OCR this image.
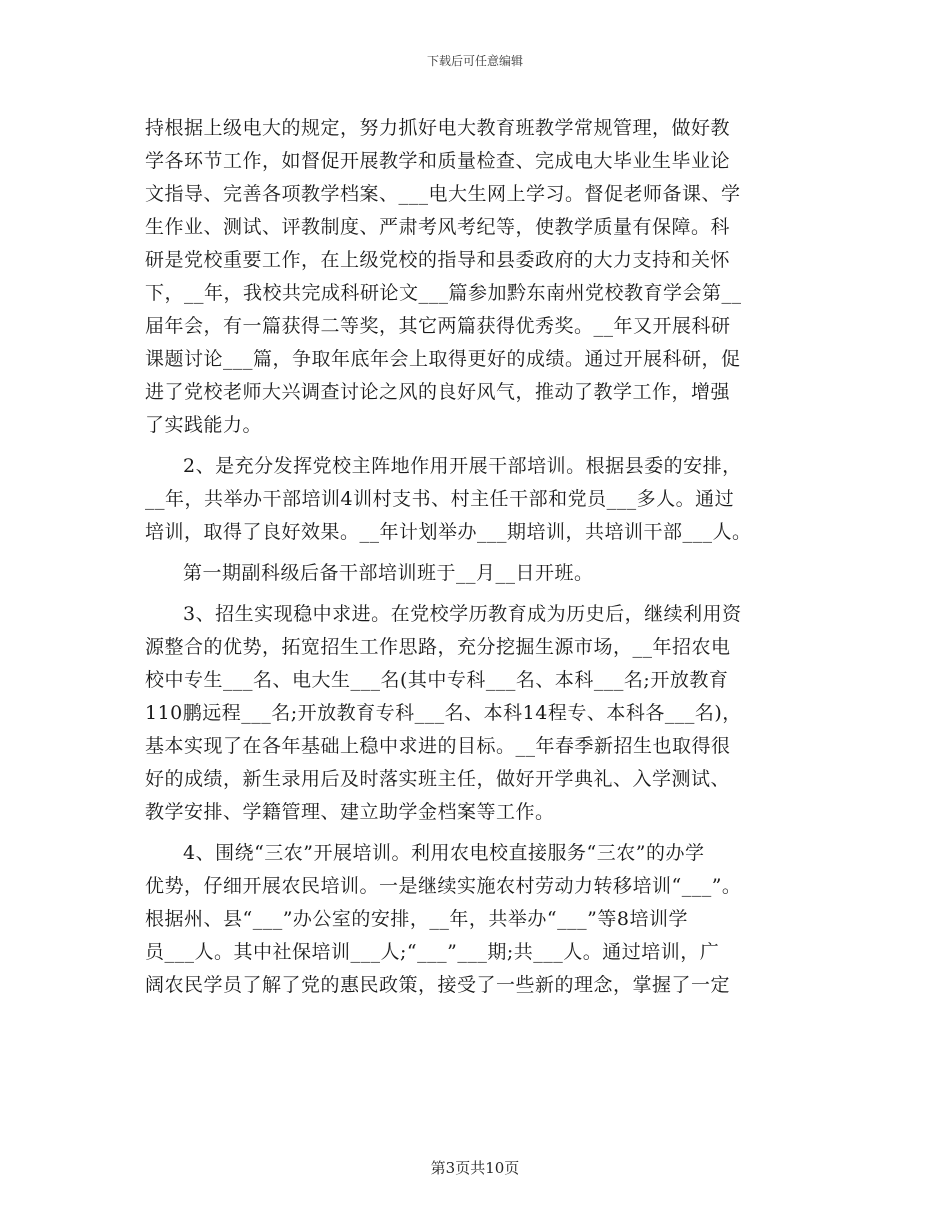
下载后可任意编辑
持根据上级电大的规定，努力抓好电大教育班教学常规管理，做好教
学各环节工作，如督促开展教学和质量检查、完成电大毕业生毕业论
文指导、完善各项教学档案、___电大生网上学习。督促老师备课、学
生作业、测试、评教制度、严肃考风考纪等，使教学质量有保障。科
研是党校重要工作，在上级党校的指导和县委政府的大力支持和关怀
下，__年，我校共完成科研论文___篇参加黔东南州党校教育学会第__
届年会，有一篇获得二等奖，其它两篇获得优秀奖。__年又开展科研
课题讨论___篇，争取年底年会上取得更好的成绩。通过开展科研，促
进了党校老师大兴调查讨论之风的良好风气，推动了教学工作，增强
了实践能力。
2、是充分发挥党校主阵地作用开展干部培训。根据县委的安排，
__年，共举办干部培训4训村支书、村主任干部和党员___多人。通过
培训，取得了良好效果。__年计划举办___期培训，共培训干部___人。
第一期副科级后备干部培训班于__月__日开班。
3、招生实现稳中求进。在党校学历教育成为历史后，继续利用资
源整合的优势，拓宽招生工作思路，充分挖掘生源市场，__年招农电
校中专生___名、电大生___名(其中专科___名、本科___名;开放教育
110鹏远程___名;开放教育专科___名、本科14程专、本科各___名)，
基本实现了在各年基础上稳中求进的目标。__年春季新招生也取得很
好的成绩，新生录用后及时落实班主任，做好开学典礼、入学测试、
教学安排、学籍管理、建立助学金档案等工作。
4、围绕“三农”开展培训。利用农电校直接服务“三农”的办学
优势，仔细开展农民培训。一是继续实施农村劳动力转移培训“___”。
根据州、县“___”办公室的安排，__年，共举办“___”等8培训学
员___人。其中社保培训___人;“___”___期;共___人。通过培训，广
阔农民学员了解了党的惠民政策，接受了一些新的理念，掌握了一定
第3页共10页
